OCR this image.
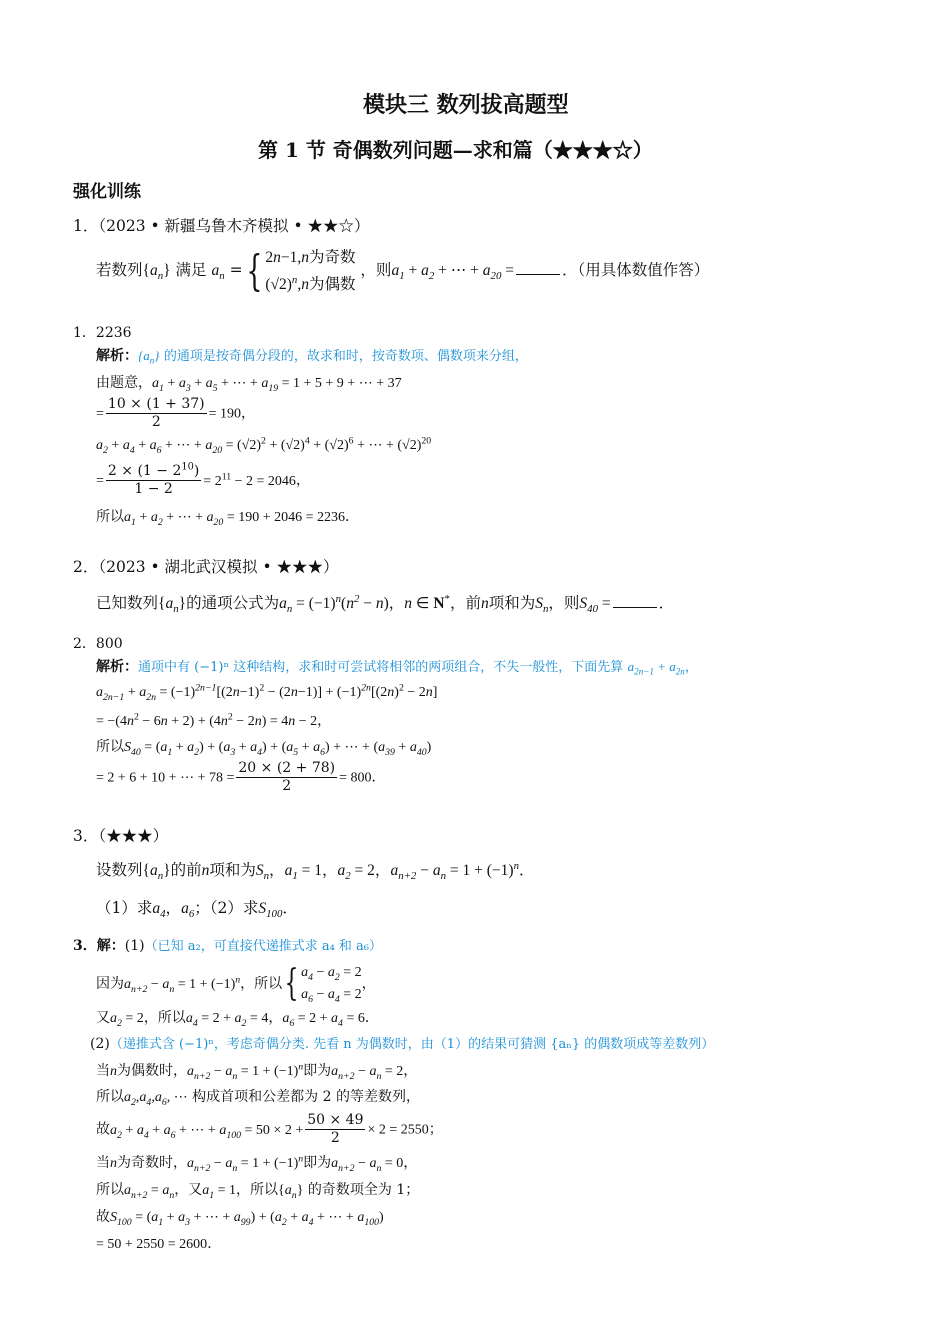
模块三 数列拔高题型
第 1 节 奇偶数列问题—求和篇（★★★☆）
强化训练
1．（2023 • 新疆乌鲁木齐模拟 • ★★☆）
若数列$\{a_n\}$ 满足 $a_n$ ={ 2n−1,n为奇数
$(√2)^n,n$为偶数
，则$a_1 + a_2$ + ⋯ + $a_{20}$ =	．（用具体数值作答）
1．2236
解析：$\{a_n\}$ 的通项是按奇偶分段的，故求和时，按奇数项、偶数项来分组，
由题意，$a_1 + a_3 + a_5$ + ⋯ + $a_{19} = 1 + 5 + 9$ + ⋯ + 37
= $\frac{10 \times (1 + 37)}{2} = 190$，
$a_2 + a_4 + a_6$ + ⋯ + $a_{20} = (√2)^2 + (√2)^4 + (√2)^6$ + ⋯ + $(√2)^{20}$
= $\frac{2 \times (1 - 2^{10})}{1 - 2} = 2^{11} - 2 = 2046$，
所以$a_1 + a_2$ + ⋯ + $a_{20} = 190 + 2046 = 2236$．
2．（2023 • 湖北武汉模拟 • ★★★）
已知数列$\{a_n\}$的通项公式为$a_n = (-1)^n(n^2 - n)$，n ∈ N*，前n项和为$S_n$，则$S_{40}$ =	．
2．800
解析：通项中有 (−1)ⁿ 这种结构，求和时可尝试将相邻的两项组合，不失一般性，下面先算 $a_{2n-1} + a_{2n}$，
$a_{2n-1} + a_{2n} = (-1)^{2n-1}[(2n-1)^2 - (2n-1)] + (-1)^{2n}[(2n)^2 - 2n]$
= $-(4n^2 - 6n + 2) + (4n^2 - 2n) = 4n - 2$，
所以$S_{40} = (a_1 + a_2) + (a_3 + a_4) + (a_5 + a_6)$ + ⋯ + $(a_{39} + a_{40})$
= 2 + 6 + 10 + ⋯ + $78 = \frac{20 \times (2 + 78)}{2} = 800$．
3．（★★★）
设数列$\{a_n\}$的前n项和为$S_n$，$a_1 = 1$，$a_2 = 2$，$a_{n+2} - a_n = 1 + (-1)^n$．
（1）求$a_4$，$a_6$；（2）求$S_{100}$．
3．解：(1)（已知 a₂，可直接代递推式求 a₄ 和 a₆）
因为$a_{n+2} - a_n = 1 + (-1)^n$，所以{ $a_4 - a_2 = 2$
$a_6 - a_4 = 2$
，
又$a_2 = 2$，所以$a_4 = 2 + a_2 = 4$，$a_6 = 2 + a_4 = 6$．
(2)（递推式含 (−1)ⁿ，考虑奇偶分类. 先看 n 为偶数时，由（1）的结果可猜测 {aₙ} 的偶数项成等差数列）
当n为偶数时，$a_{n+2} - a_n = 1 + (-1)^n$即为$a_{n+2} - a_n = 2$，
所以$a_2,a_4,a_6$, ⋯ 构成首项和公差都为 2 的等差数列，
故$a_2 + a_4 + a_6$ + ⋯ + $a_{100} = 50 \times 2 + \frac{50 \times 49}{2} \times 2 = 2550$；
当n为奇数时，$a_{n+2} - a_n = 1 + (-1)^n$即为$a_{n+2} - a_n = 0$，
所以$a_{n+2} = a_n$，又$a_1 = 1$，所以$\{a_n\}$ 的奇数项全为 1；
故$S_{100} = (a_1 + a_3$ + ⋯ + $a_{99}) + (a_2 + a_4$ + ⋯ + $a_{100}$)
= 50 + 2550 = 2600．
